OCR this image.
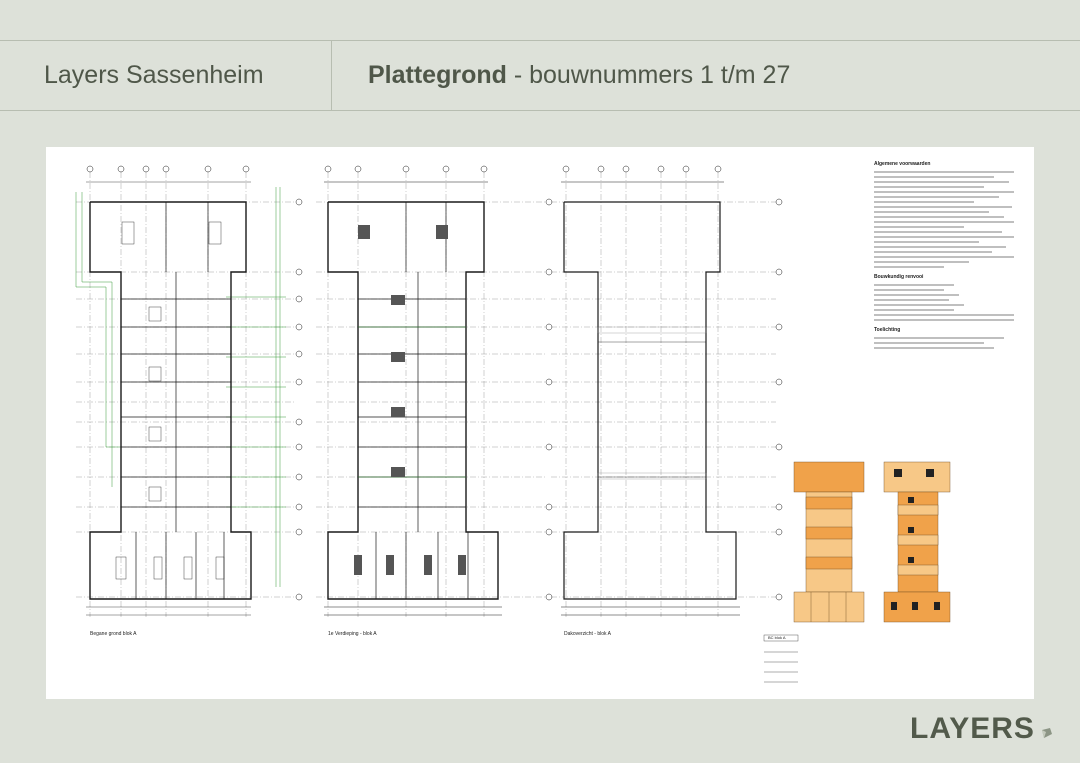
Layers Sassenheim	Plattegrond - bouwnummers 1 t/m 27
Begane grond blok A	1e Verdieping - blok A	Dakoverzicht - blok A
BC blok A
Algemene voorwaarden
Bouwkundig renvooi
Toelichting
LAYERS
